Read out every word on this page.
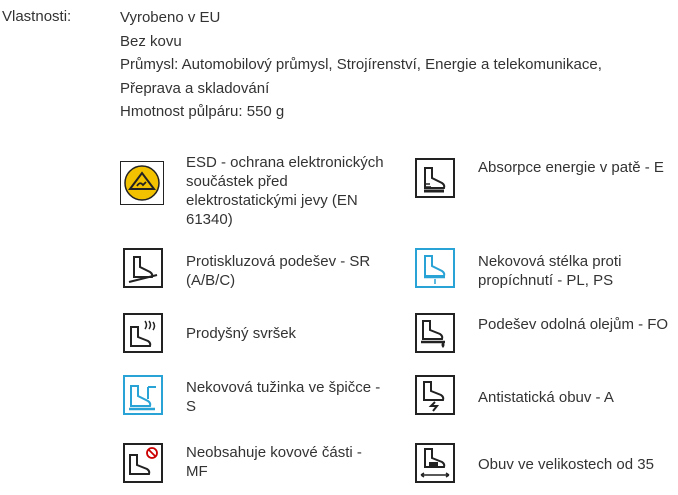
Vlastnosti:	Vyrobeno v EU
Bez kovu
Průmysl: Automobilový průmysl, Strojírenství, Energie a telekomunikace,
Přeprava a skladování
Hmotnost půlpáru: 550 g
ESD - ochrana elektronických součástek před elektrostatickými jevy (EN 61340)
Absorpce energie v patě - E
Protiskluzová podešev - SR (A/B/C)
Nekovová stélka proti propíchnutí - PL, PS
Prodyšný svršek
Podešev odolná olejům - FO
Nekovová tužinka ve špičce - S
Antistatická obuv - A
Neobsahuje kovové části - MF	Obuv ve velikostech od 35
